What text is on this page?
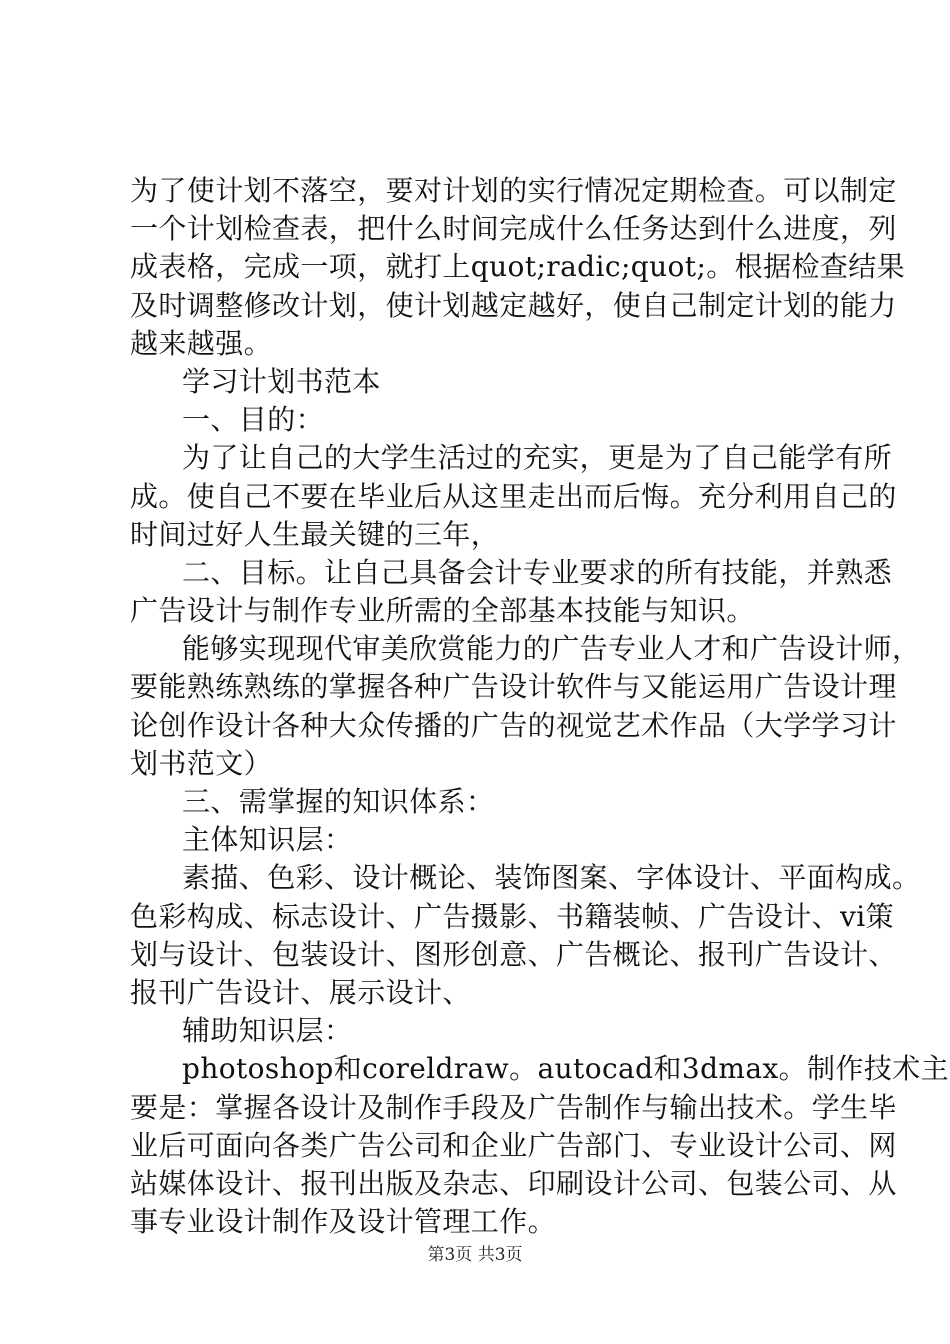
为了使计划不落空，要对计划的实行情况定期检查。可以制定
一个计划检查表，把什么时间完成什么任务达到什么进度，列
成表格，完成一项，就打上quot;radic;quot;。根据检查结果
及时调整修改计划，使计划越定越好，使自己制定计划的能力
越来越强。
学习计划书范本
一、目的：
为了让自己的大学生活过的充实，更是为了自己能学有所
成。使自己不要在毕业后从这里走出而后悔。充分利用自己的
时间过好人生最关键的三年，
二、目标。让自己具备会计专业要求的所有技能，并熟悉
广告设计与制作专业所需的全部基本技能与知识。
能够实现现代审美欣赏能力的广告专业人才和广告设计师，
要能熟练熟练的掌握各种广告设计软件与又能运用广告设计理
论创作设计各种大众传播的广告的视觉艺术作品（大学学习计
划书范文）
三、需掌握的知识体系：
主体知识层：
素描、色彩、设计概论、装饰图案、字体设计、平面构成。
色彩构成、标志设计、广告摄影、书籍装帧、广告设计、vi策
划与设计、包装设计、图形创意、广告概论、报刊广告设计、
报刊广告设计、展示设计、
辅助知识层：
photoshop和coreldraw。autocad和3dmax。制作技术主
要是：掌握各设计及制作手段及广告制作与输出技术。学生毕
业后可面向各类广告公司和企业广告部门、专业设计公司、网
站媒体设计、报刊出版及杂志、印刷设计公司、包装公司、从
事专业设计制作及设计管理工作。
第3页 共3页
